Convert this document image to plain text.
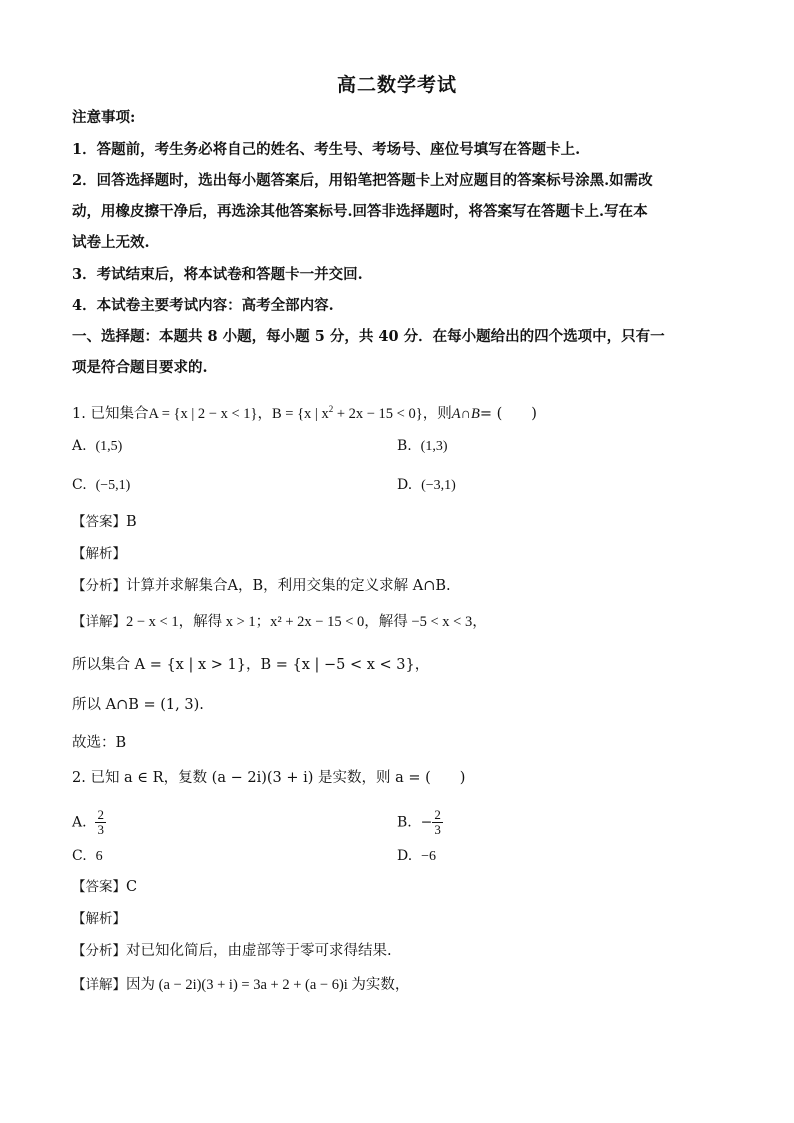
高二数学考试
注意事项:
1．答题前，考生务必将自己的姓名、考生号、考场号、座位号填写在答题卡上.
2．回答选择题时，选出每小题答案后，用铅笔把答题卡上对应题目的答案标号涂黑.如需改
动，用橡皮擦干净后，再选涂其他答案标号.回答非选择题时，将答案写在答题卡上.写在本
试卷上无效.
3．考试结束后，将本试卷和答题卡一并交回.
4．本试卷主要考试内容：高考全部内容.
一、选择题：本题共 8 小题，每小题 5 分，共 40 分．在每小题给出的四个选项中，只有一
项是符合题目要求的.
1. 已知集合A = {x | 2 − x < 1}，B = {x | $x^2 + 2x - 15 < 0$}，则A∩B= (　　)
A. (1,5)	B. (1,3)
C. (−5,1)	D. (−3,1)
【答案】B
【解析】
【分析】计算并求解集合A，B，利用交集的定义求解 A∩B.
【详解】2 − x < 1，解得 x > 1；x² + 2x − 15 < 0，解得 −5 < x < 3，
所以集合 A = {x | x > 1}，B = {x | −5 < x < 3}，
所以 A∩B = (1, 3).
故选：B
2. 已知 a ∈ R，复数 (a − 2i)(3 + i) 是实数，则 a = (　　)
A. $\frac{2}{3}$	B. − $\frac{2}{3}$
C. 6	D. −6
【答案】C
【解析】
【分析】对已知化简后，由虚部等于零可求得结果.
【详解】因为 (a − 2i)(3 + i) = 3a + 2 + (a − 6)i 为实数，
